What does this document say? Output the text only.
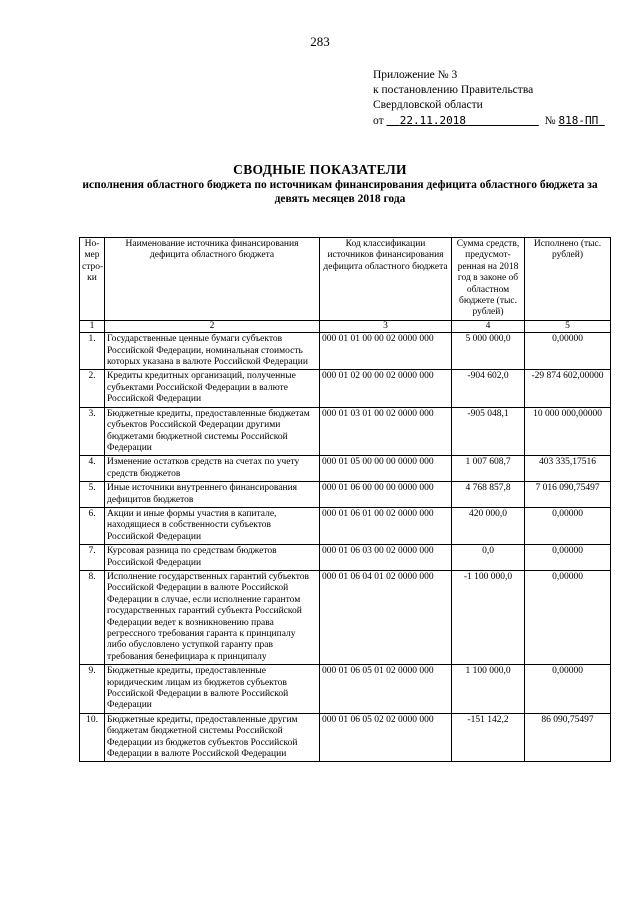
283
Приложение № 3
к постановлению Правительства
Свердловской области
от 22.11.2018	№ 818-ПП
СВОДНЫЕ ПОКАЗАТЕЛИ
исполнения областного бюджета по источникам финансирования дефицита областного бюджета за девять месяцев 2018 года
Но-мер стро-ки	Наименование источника финансирования дефицита областного бюджета	Код классификации источников финансирования дефицита областного бюджета	Сумма средств, предусмот-ренная на 2018 год в законе об областном бюджете (тыс. рублей)	Исполнено (тыс. рублей)
1	2	3	4	5
1.	Государственные ценные бумаги субъектов Российской Федерации, номинальная стоимость которых указана в валюте Российской Федерации	000 01 01 00 00 02 0000 000	5 000 000,0	0,00000
2.	Кредиты кредитных организаций, полученные субъектами Российской Федерации в валюте Российской Федерации	000 01 02 00 00 02 0000 000	-904 602,0	-29 874 602,00000
3.	Бюджетные кредиты, предоставленные бюджетам субъектов Российской Федерации другими бюджетами бюджетной системы Российской Федерации	000 01 03 01 00 02 0000 000	-905 048,1	10 000 000,00000
4.	Изменение остатков средств на счетах по учету средств бюджетов	000 01 05 00 00 00 0000 000	1 007 608,7	403 335,17516
5.	Иные источники внутреннего финансирования дефицитов бюджетов	000 01 06 00 00 00 0000 000	4 768 857,8	7 016 090,75497
6.	Акции и иные формы участия в капитале, находящиеся в собственности субъектов Российской Федерации	000 01 06 01 00 02 0000 000	420 000,0	0,00000
7.	Курсовая разница по средствам бюджетов Российской Федерации	000 01 06 03 00 02 0000 000	0,0	0,00000
8.	Исполнение государственных гарантий субъектов Российской Федерации в валюте Российской Федерации в случае, если исполнение гарантом государственных гарантий субъекта Российской Федерации ведет к возникновению права регрессного требования гаранта к принципалу либо обусловлено уступкой гаранту прав требования бенефициара к принципалу	000 01 06 04 01 02 0000 000	-1 100 000,0	0,00000
9.	Бюджетные кредиты, предоставленные юридическим лицам из бюджетов субъектов Российской Федерации в валюте Российской Федерации	000 01 06 05 01 02 0000 000	1 100 000,0	0,00000
10.	Бюджетные кредиты, предоставленные другим бюджетам бюджетной системы Российской Федерации из бюджетов субъектов Российской Федерации в валюте Российской Федерации	000 01 06 05 02 02 0000 000	-151 142,2	86 090,75497
